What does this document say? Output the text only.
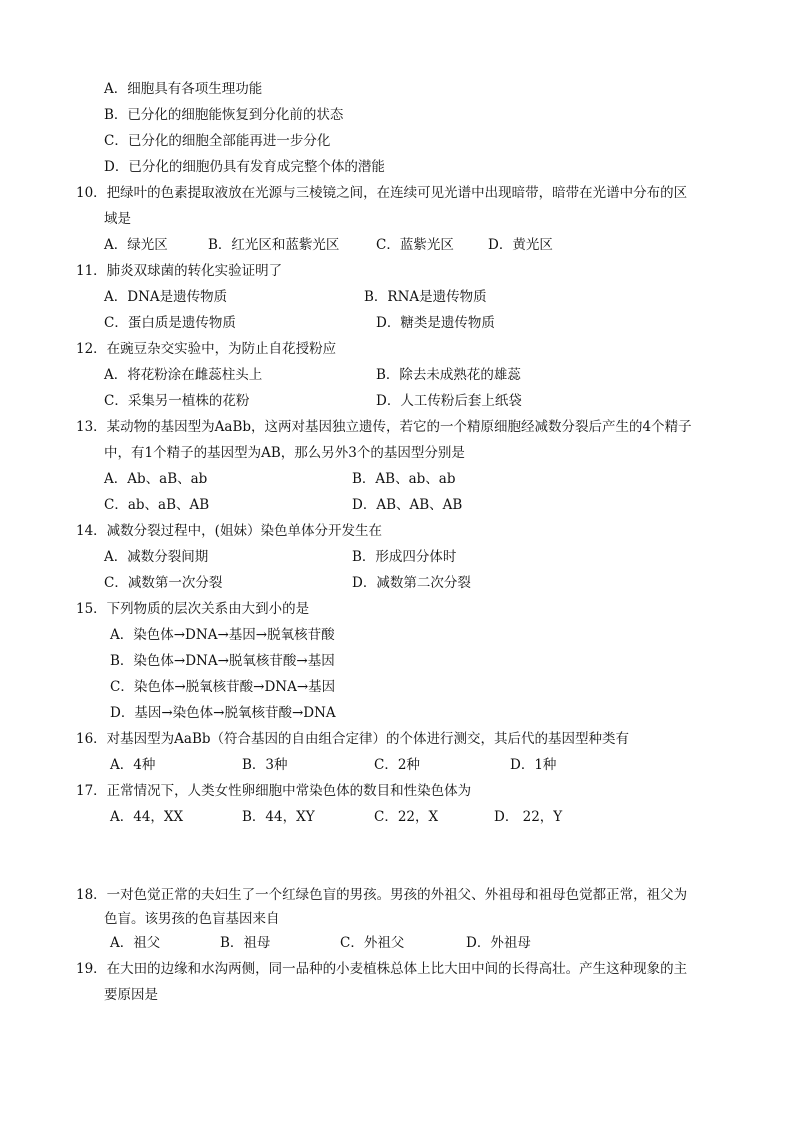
A．细胞具有各项生理功能
B．已分化的细胞能恢复到分化前的状态
C．已分化的细胞全部能再进一步分化
D．已分化的细胞仍具有发育成完整个体的潜能
10．把绿叶的色素提取液放在光源与三棱镜之间，在连续可见光谱中出现暗带，暗带在光谱中分布的区
域是
A．绿光区	B．红光区和蓝紫光区	C．蓝紫光区	D．黄光区
11．肺炎双球菌的转化实验证明了
A．DNA是遗传物质	B．RNA是遗传物质
C．蛋白质是遗传物质	D．糖类是遗传物质
12．在豌豆杂交实验中，为防止自花授粉应
A．将花粉涂在雌蕊柱头上	B．除去未成熟花的雄蕊
C．采集另一植株的花粉	D．人工传粉后套上纸袋
13．某动物的基因型为AaBb，这两对基因独立遗传，若它的一个精原细胞经减数分裂后产生的4个精子
中，有1个精子的基因型为AB，那么另外3个的基因型分别是
A．Ab、aB、ab	B．AB、ab、ab
C．ab、aB、AB	D．AB、AB、AB
14．减数分裂过程中，(姐妹）染色单体分开发生在
A．减数分裂间期	B．形成四分体时
C．减数第一次分裂	D．减数第二次分裂
15．下列物质的层次关系由大到小的是
A．染色体→DNA→基因→脱氧核苷酸
B．染色体→DNA→脱氧核苷酸→基因
C．染色体→脱氧核苷酸→DNA→基因
D．基因→染色体→脱氧核苷酸→DNA
16．对基因型为AaBb（符合基因的自由组合定律）的个体进行测交，其后代的基因型种类有
A．4种	B．3种	C．2种	D．1种
17．正常情况下，人类女性卵细胞中常染色体的数目和性染色体为
A．44，XX	B．44，XY	C．22，X	D． 22，Y
18．一对色觉正常的夫妇生了一个红绿色盲的男孩。男孩的外祖父、外祖母和祖母色觉都正常，祖父为
色盲。该男孩的色盲基因来自
A．祖父	B．祖母	C．外祖父	D．外祖母
19．在大田的边缘和水沟两侧，同一品种的小麦植株总体上比大田中间的长得高壮。产生这种现象的主
要原因是
